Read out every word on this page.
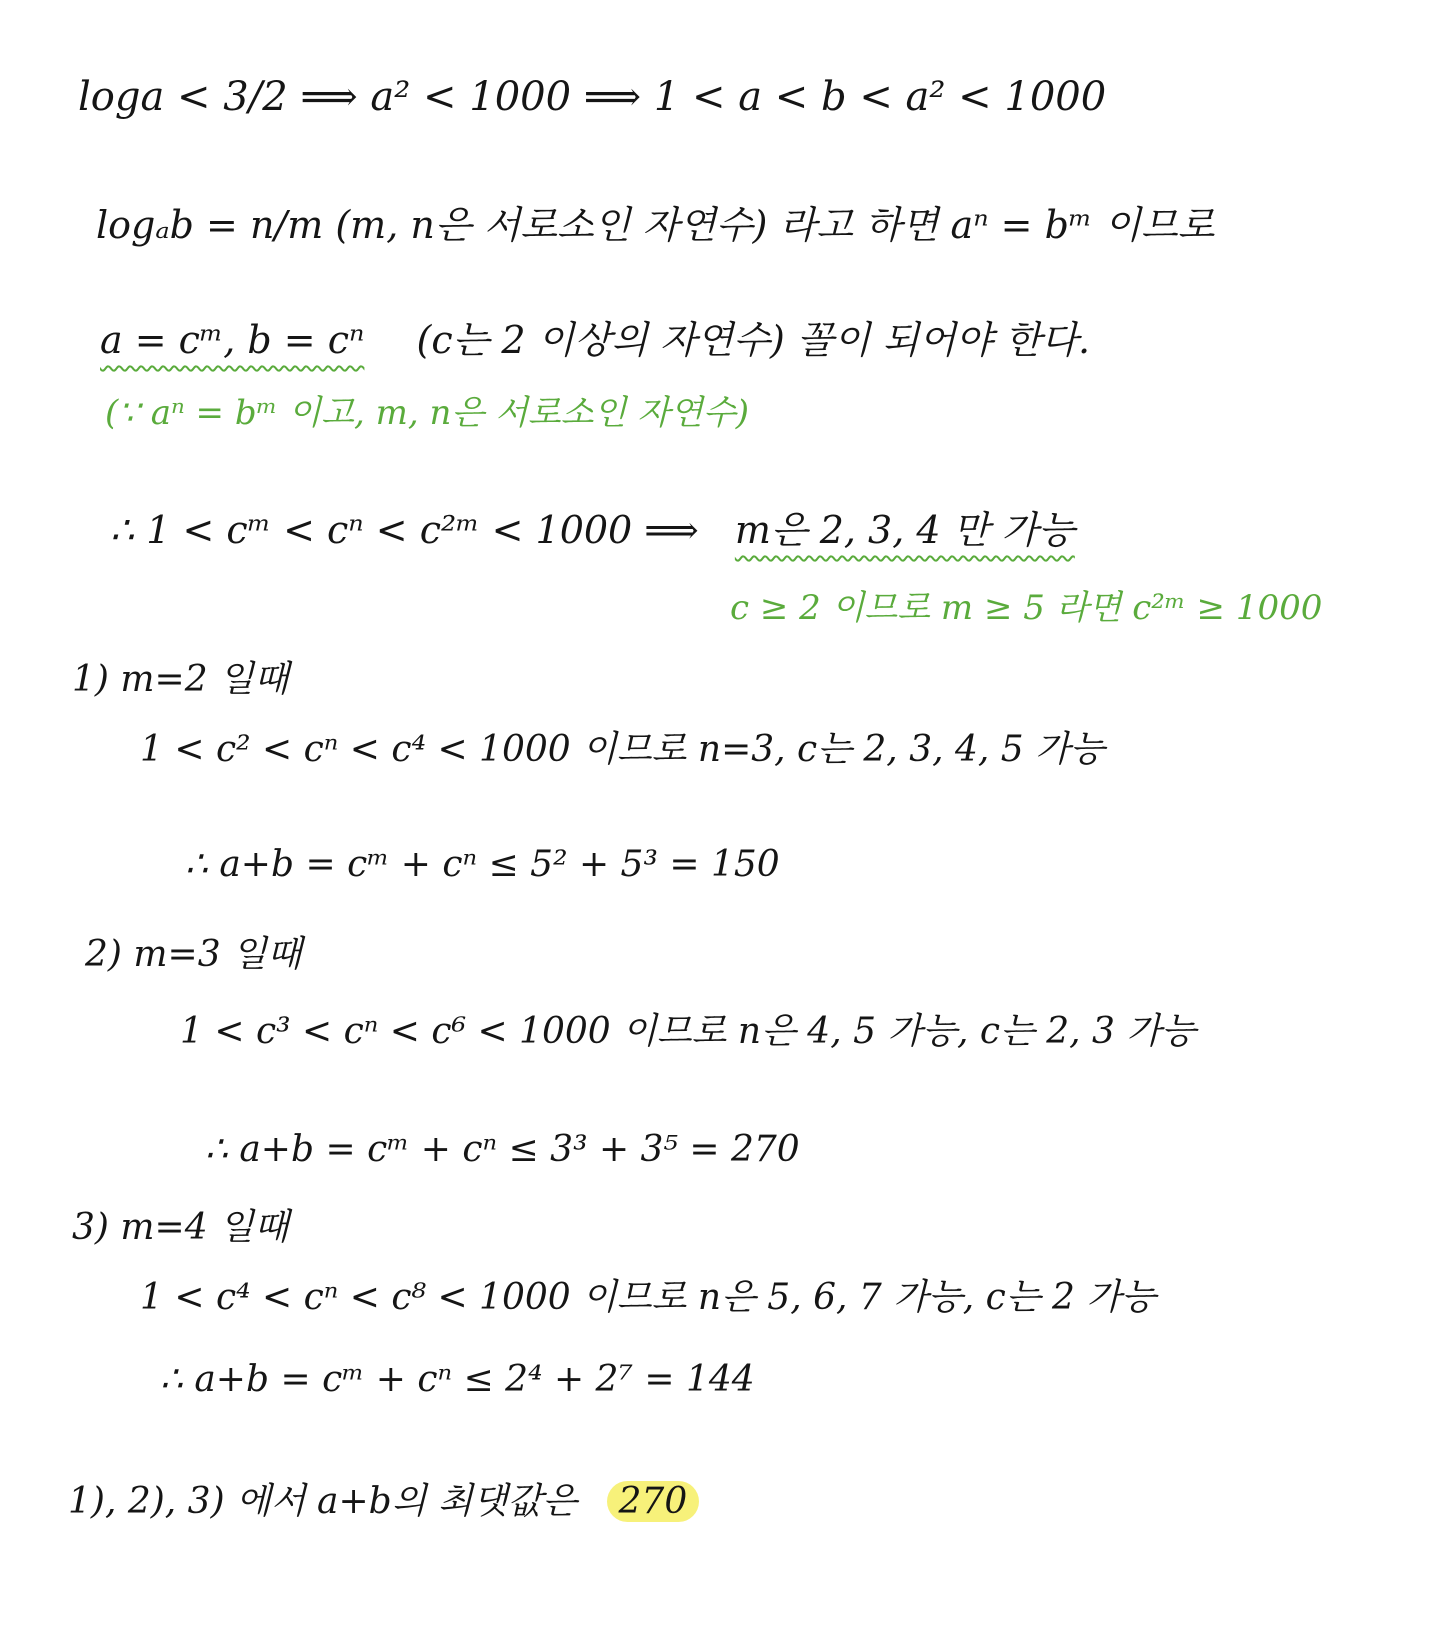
loga < 3/2 ⟹ a² < 1000 ⟹ 1 < a < b < a² < 1000
logₐb = n/m (m, n은 서로소인 자연수) 라고 하면 aⁿ = bᵐ 이므로
a = cᵐ, b = cⁿ (c는 2 이상의 자연수) 꼴이 되어야 한다.
(∵ aⁿ = bᵐ 이고, m, n은 서로소인 자연수)
∴ 1 < cᵐ < cⁿ < c²ᵐ < 1000 ⟹ m은 2, 3, 4 만 가능
c ≥ 2 이므로 m ≥ 5 라면 c²ᵐ ≥ 1000
1) m=2 일때
1 < c² < cⁿ < c⁴ < 1000 이므로 n=3, c는 2, 3, 4, 5 가능
∴ a+b = cᵐ + cⁿ ≤ 5² + 5³ = 150
2) m=3 일때
1 < c³ < cⁿ < c⁶ < 1000 이므로 n은 4, 5 가능, c는 2, 3 가능
∴ a+b = cᵐ + cⁿ ≤ 3³ + 3⁵ = 270
3) m=4 일때
1 < c⁴ < cⁿ < c⁸ < 1000 이므로 n은 5, 6, 7 가능, c는 2 가능
∴ a+b = cᵐ + cⁿ ≤ 2⁴ + 2⁷ = 144
1), 2), 3) 에서 a+b의 최댓값은 270
